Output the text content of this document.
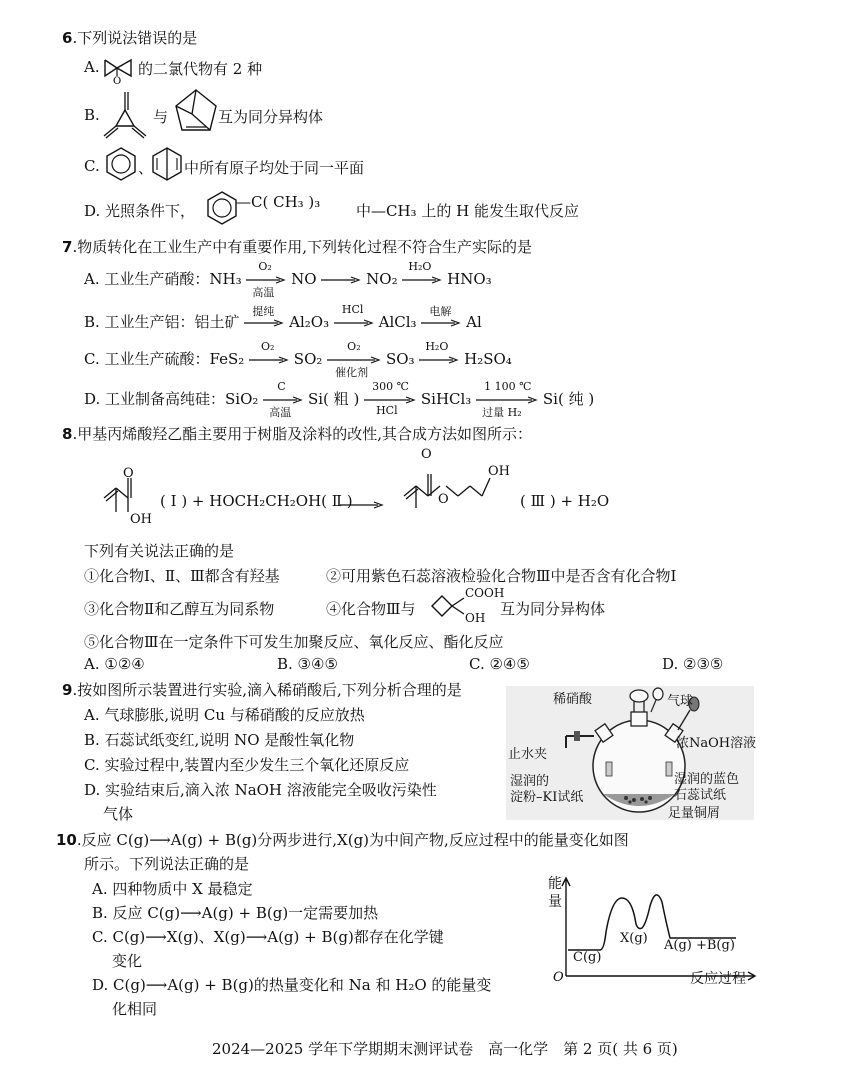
6.下列说法错误的是
A.
O
的二氯代物有 2 种
B.	与	互为同分异构体
C.	、 中所有原子均处于同一平面
D. 光照条件下，	—C( CH₃ )₃ 中—CH₃ 上的 H 能发生取代反应
7.物质转化在工业生产中有重要作用,下列转化过程不符合生产实际的是
A. 工业生产硝酸：NH₃
O₂
高温
NO	NO₂
H₂O
HNO₃
B. 工业生产铝：铝土矿
提纯
Al₂O₃
HCl
AlCl₃
电解
Al
C. 工业生产硫酸：FeS₂
O₂
SO₂
O₂
催化剂
SO₃
H₂O
H₂SO₄
D. 工业制备高纯硅：SiO₂
C
高温
Si( 粗 )
300 ℃
HCl
SiHCl₃
1 100 ℃
过量 H₂
Si( 纯 )
8.甲基丙烯酸羟乙酯主要用于树脂及涂料的改性,其合成方法如图所示：
O
OH
( Ⅰ ) + HOCH₂CH₂OH( Ⅱ )
O
O
OH
( Ⅲ ) + H₂O
下列有关说法正确的是
①化合物Ⅰ、Ⅱ、Ⅲ都含有羟基	②可用紫色石蕊溶液检验化合物Ⅲ中是否含有化合物Ⅰ
③化合物Ⅱ和乙醇互为同系物	④化合物Ⅲ与
COOH
OH 互为同分异构体
⑤化合物Ⅲ在一定条件下可发生加聚反应、氧化反应、酯化反应
A. ①②④	B. ③④⑤	C. ②④⑤	D. ②③⑤
9.按如图所示装置进行实验,滴入稀硝酸后,下列分析合理的是
A. 气球膨胀,说明 Cu 与稀硝酸的反应放热
B. 石蕊试纸变红,说明 NO 是酸性氧化物
C. 实验过程中,装置内至少发生三个氧化还原反应
D. 实验结束后,滴入浓 NaOH 溶液能完全吸收污染性
气体
稀硝酸	气球
止水夹
浓NaOH溶液
湿润的
淀粉–KI试纸
湿润的蓝色
石蕊试纸
足量铜屑
10.反应 C(g)⟶A(g) + B(g)分两步进行,X(g)为中间产物,反应过程中的能量变化如图
所示。下列说法正确的是
A. 四种物质中 X 最稳定
B. 反应 C(g)⟶A(g) + B(g)一定需要加热
C. C(g)⟶X(g)、X(g)⟶A(g) + B(g)都存在化学键
变化
D. C(g)⟶A(g) + B(g)的热量变化和 Na 和 H₂O 的能量变
化相同
能
量
O
C(g)
X(g) A(g) +B(g)
反应过程
2024—2025 学年下学期期末测评试卷　高一化学　第 2 页( 共 6 页)
